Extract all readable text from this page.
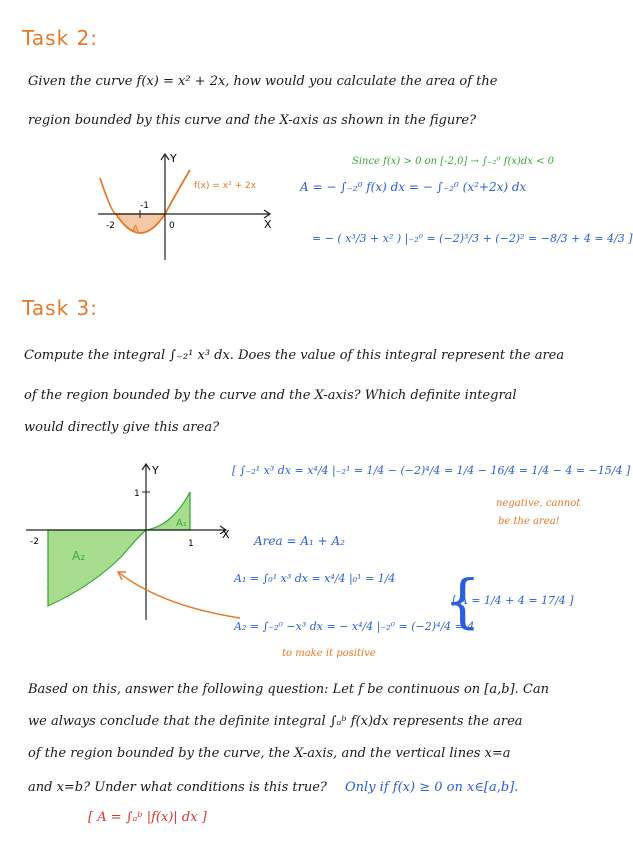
Task 2:
Given the curve f(x) = x² + 2x, how would you calculate the area of the
region bounded by this curve and the X-axis as shown in the figure?
Y
X
f(x) = x² + 2x
-2
-1
0
A
Since f(x) > 0 on [-2,0] → ∫₋₂⁰ f(x)dx < 0
A = − ∫₋₂⁰ f(x) dx = − ∫₋₂⁰ (x²+2x) dx
= − ( x³/3 + x² ) |₋₂⁰ = (−2)³/3 + (−2)² = −8/3 + 4 = 4/3 ]
Task 3:
Compute the integral ∫₋₂¹ x³ dx. Does the value of this integral represent the area
of the region bounded by the curve and the X-axis? Which definite integral
would directly give this area?
Y
X
-2	1
1
A₁
A₂
[ ∫₋₂¹ x³ dx = x⁴/4 |₋₂¹ = 1/4 − (−2)⁴/4 = 1/4 − 16/4 = 1/4 − 4 = −15/4 ]
negative, cannot
be the area!
Area = A₁ + A₂
A₁ = ∫₀¹ x³ dx = x⁴/4 |₀¹ = 1/4
A₂ = ∫₋₂⁰ −x³ dx = − x⁴/4 |₋₂⁰ = (−2)⁴/4 = 4
to make it positive
{
[ A = 1/4 + 4 = 17/4 ]
Based on this, answer the following question: Let f be continuous on [a,b]. Can
we always conclude that the definite integral ∫ₐᵇ f(x)dx represents the area
of the region bounded by the curve, the X-axis, and the vertical lines x=a
and x=b? Under what conditions is this true? Only if f(x) ≥ 0 on x∈[a,b].
[ A = ∫ₐᵇ |f(x)| dx ]
